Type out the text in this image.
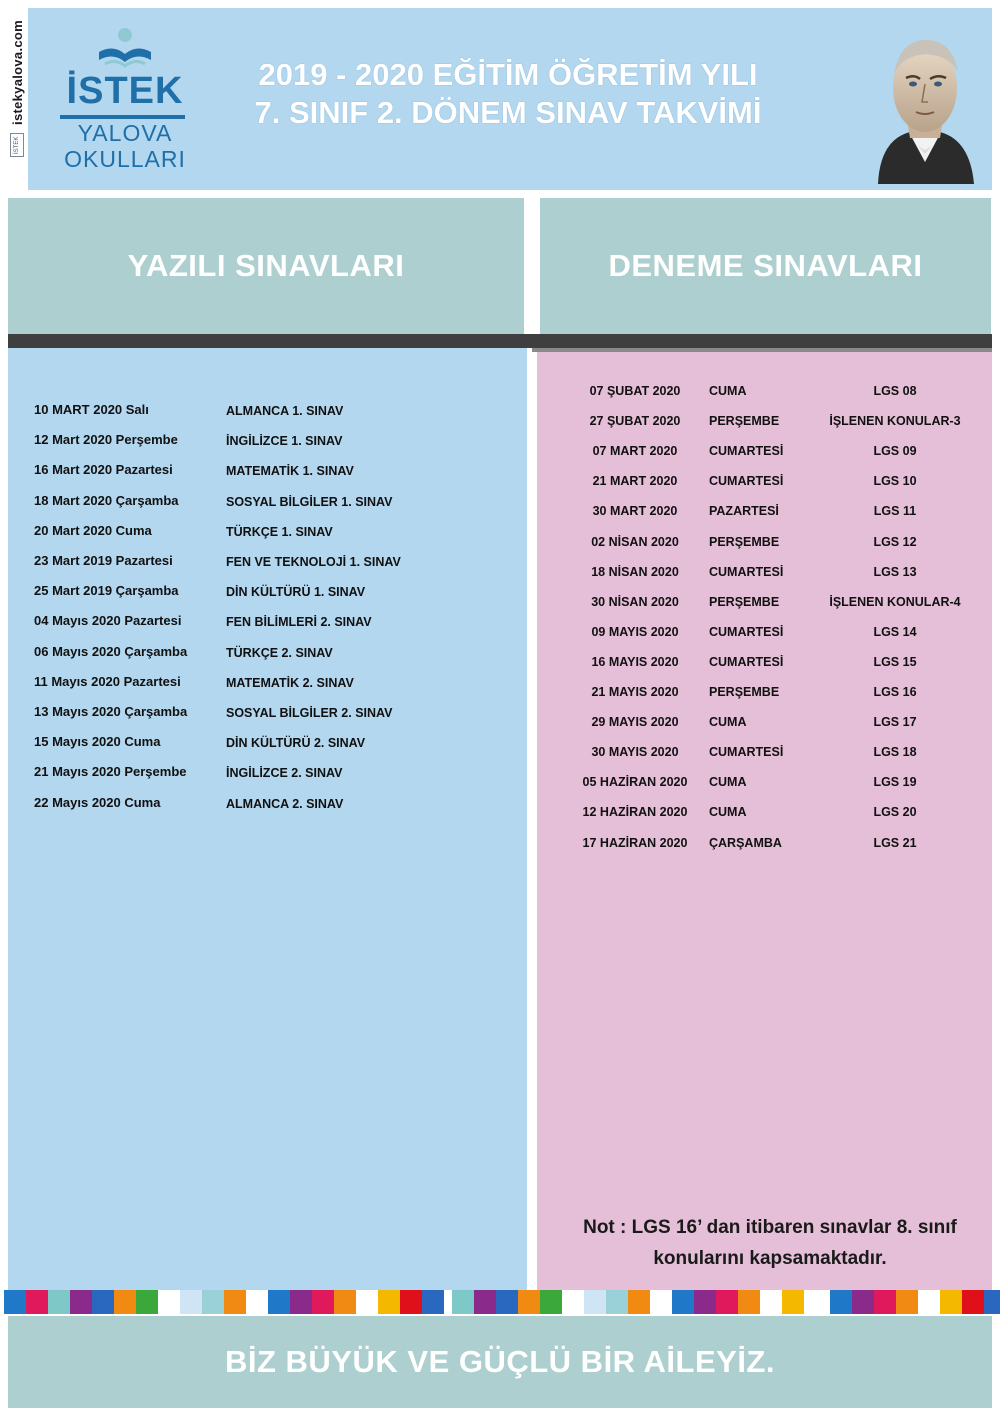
istekyalova.com
İSTEK
İSTEK
YALOVA
OKULLARI
2019 - 2020 EĞİTİM ÖĞRETİM YILI
7. SINIF 2. DÖNEM SINAV TAKVİMİ
YAZILI SINAVLARI	DENEME SINAVLARI
10 MART 2020 Salı	ALMANCA 1. SINAV
12 Mart 2020 Perşembe	İNGİLİZCE 1. SINAV
16 Mart 2020 Pazartesi	MATEMATİK 1. SINAV
18 Mart 2020 Çarşamba	SOSYAL BİLGİLER 1. SINAV
20 Mart 2020 Cuma	TÜRKÇE 1. SINAV
23 Mart 2019 Pazartesi	FEN VE TEKNOLOJİ 1. SINAV
25 Mart 2019 Çarşamba	DİN KÜLTÜRÜ 1. SINAV
04 Mayıs 2020 Pazartesi	FEN BİLİMLERİ 2. SINAV
06 Mayıs 2020 Çarşamba	TÜRKÇE 2. SINAV
11 Mayıs 2020 Pazartesi	MATEMATİK 2. SINAV
13 Mayıs 2020 Çarşamba	SOSYAL BİLGİLER 2. SINAV
15 Mayıs 2020 Cuma	DİN KÜLTÜRÜ 2. SINAV
21 Mayıs 2020 Perşembe	İNGİLİZCE 2. SINAV
22 Mayıs 2020 Cuma	ALMANCA 2. SINAV
07 ŞUBAT 2020	CUMA	LGS 08
27 ŞUBAT 2020	PERŞEMBE	İŞLENEN KONULAR-3
07 MART 2020	CUMARTESİ	LGS 09
21 MART 2020	CUMARTESİ	LGS 10
30 MART 2020	PAZARTESİ	LGS 11
02 NİSAN 2020	PERŞEMBE	LGS 12
18 NİSAN 2020	CUMARTESİ	LGS 13
30 NİSAN 2020	PERŞEMBE	İŞLENEN KONULAR-4
09 MAYIS 2020	CUMARTESİ	LGS 14
16 MAYIS 2020	CUMARTESİ	LGS 15
21 MAYIS 2020	PERŞEMBE	LGS 16
29 MAYIS 2020	CUMA	LGS 17
30 MAYIS 2020	CUMARTESİ	LGS 18
05 HAZİRAN 2020	CUMA	LGS 19
12 HAZİRAN 2020	CUMA	LGS 20
17 HAZİRAN 2020	ÇARŞAMBA	LGS 21
Not : LGS 16’ dan itibaren sınavlar 8. sınıf
konularını kapsamaktadır.
BİZ BÜYÜK VE GÜÇLÜ BİR AİLEYİZ.
